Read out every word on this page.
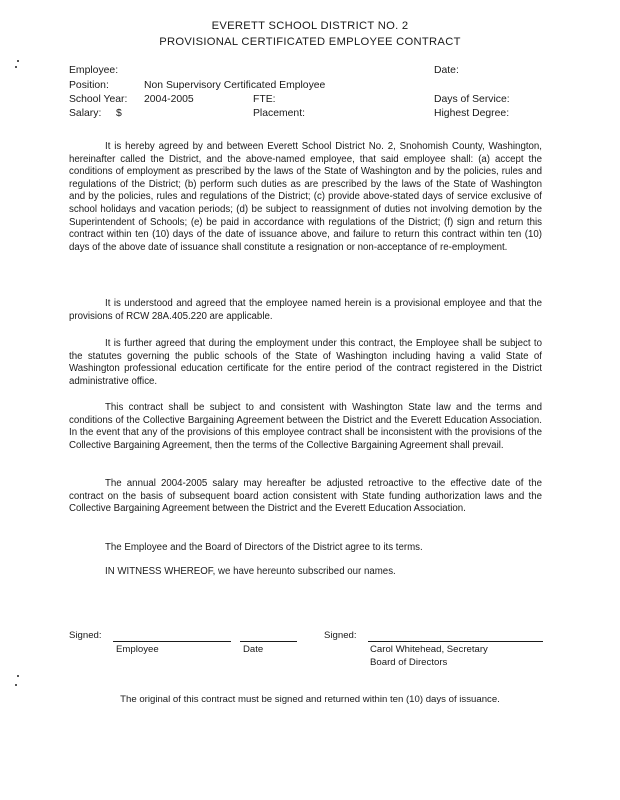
EVERETT SCHOOL DISTRICT NO. 2
PROVISIONAL CERTIFICATED EMPLOYEE CONTRACT
Employee:	Date:
Position:	Non Supervisory Certificated Employee
School Year: 2004-2005	FTE:	Days of Service:
Salary: $	Placement:	Highest Degree:
It is hereby agreed by and between Everett School District No. 2, Snohomish County, Washington, hereinafter called the District, and the above-named employee, that said employee shall: (a) accept the conditions of employment as prescribed by the laws of the State of Washington and by the policies, rules and regulations of the District; (b) perform such duties as are prescribed by the laws of the State of Washington and by the policies, rules and regulations of the District; (c) provide above-stated days of service exclusive of school holidays and vacation periods; (d) be subject to reassignment of duties not involving demotion by the Superintendent of Schools; (e) be paid in accordance with regulations of the District; (f) sign and return this contract within ten (10) days of the date of issuance above, and failure to return this contract within ten (10) days of the above date of issuance shall constitute a resignation or non-acceptance of re-employment.
It is understood and agreed that the employee named herein is a provisional employee and that the provisions of RCW 28A.405.220 are applicable.
It is further agreed that during the employment under this contract, the Employee shall be subject to the statutes governing the public schools of the State of Washington including having a valid State of Washington professional education certificate for the entire period of the contract registered in the District administrative office.
This contract shall be subject to and consistent with Washington State law and the terms and conditions of the Collective Bargaining Agreement between the District and the Everett Education Association. In the event that any of the provisions of this employee contract shall be inconsistent with the provisions of the Collective Bargaining Agreement, then the terms of the Collective Bargaining Agreement shall prevail.
The annual 2004-2005 salary may hereafter be adjusted retroactive to the effective date of the contract on the basis of subsequent board action consistent with State funding authorization laws and the Collective Bargaining Agreement between the District and the Everett Education Association.
The Employee and the Board of Directors of the District agree to its terms.
IN WITNESS WHEREOF, we have hereunto subscribed our names.
Signed:
Employee	Date
Signed:
Carol Whitehead, Secretary
Board of Directors
The original of this contract must be signed and returned within ten (10) days of issuance.
